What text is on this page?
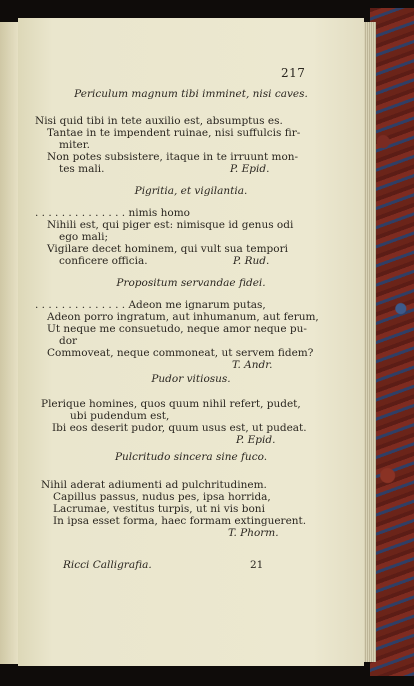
217
Periculum magnum tibi imminet, nisi caves.
Nisi quid tibi in tete auxilio est, absumptus es.
Tantae in te impendent ruinae, nisi suffulcis fir-
miter.
Non potes subsistere, itaque in te irruunt mon-
tes mali.	P. Epid.
Pigritia, et vigilantia.
. . . . . . . . . . . . . . nimis homo
Nihili est, qui piger est: nimisque id genus odi
ego mali;
Vigilare decet hominem, qui vult sua tempori
conficere officia.	P. Rud.
Propositum servandae fidei.
. . . . . . . . . . . . . . Adeon me ignarum putas,
Adeon porro ingratum, aut inhumanum, aut ferum,
Ut neque me consuetudo, neque amor neque pu-
dor
Commoveat, neque commoneat, ut servem fidem?
T. Andr.
Pudor vitiosus.
Plerique homines, quos quum nihil refert, pudet,
ubi pudendum est,
Ibi eos deserit pudor, quum usus est, ut pudeat.
P. Epid.
Pulcritudo sincera sine fuco.
Nihil aderat adiumenti ad pulchritudinem.
Capillus passus, nudus pes, ipsa horrida,
Lacrumae, vestitus turpis, ut ni vis boni
In ipsa esset forma, haec formam extinguerent.
T. Phorm.
Ricci Calligrafia.	21
